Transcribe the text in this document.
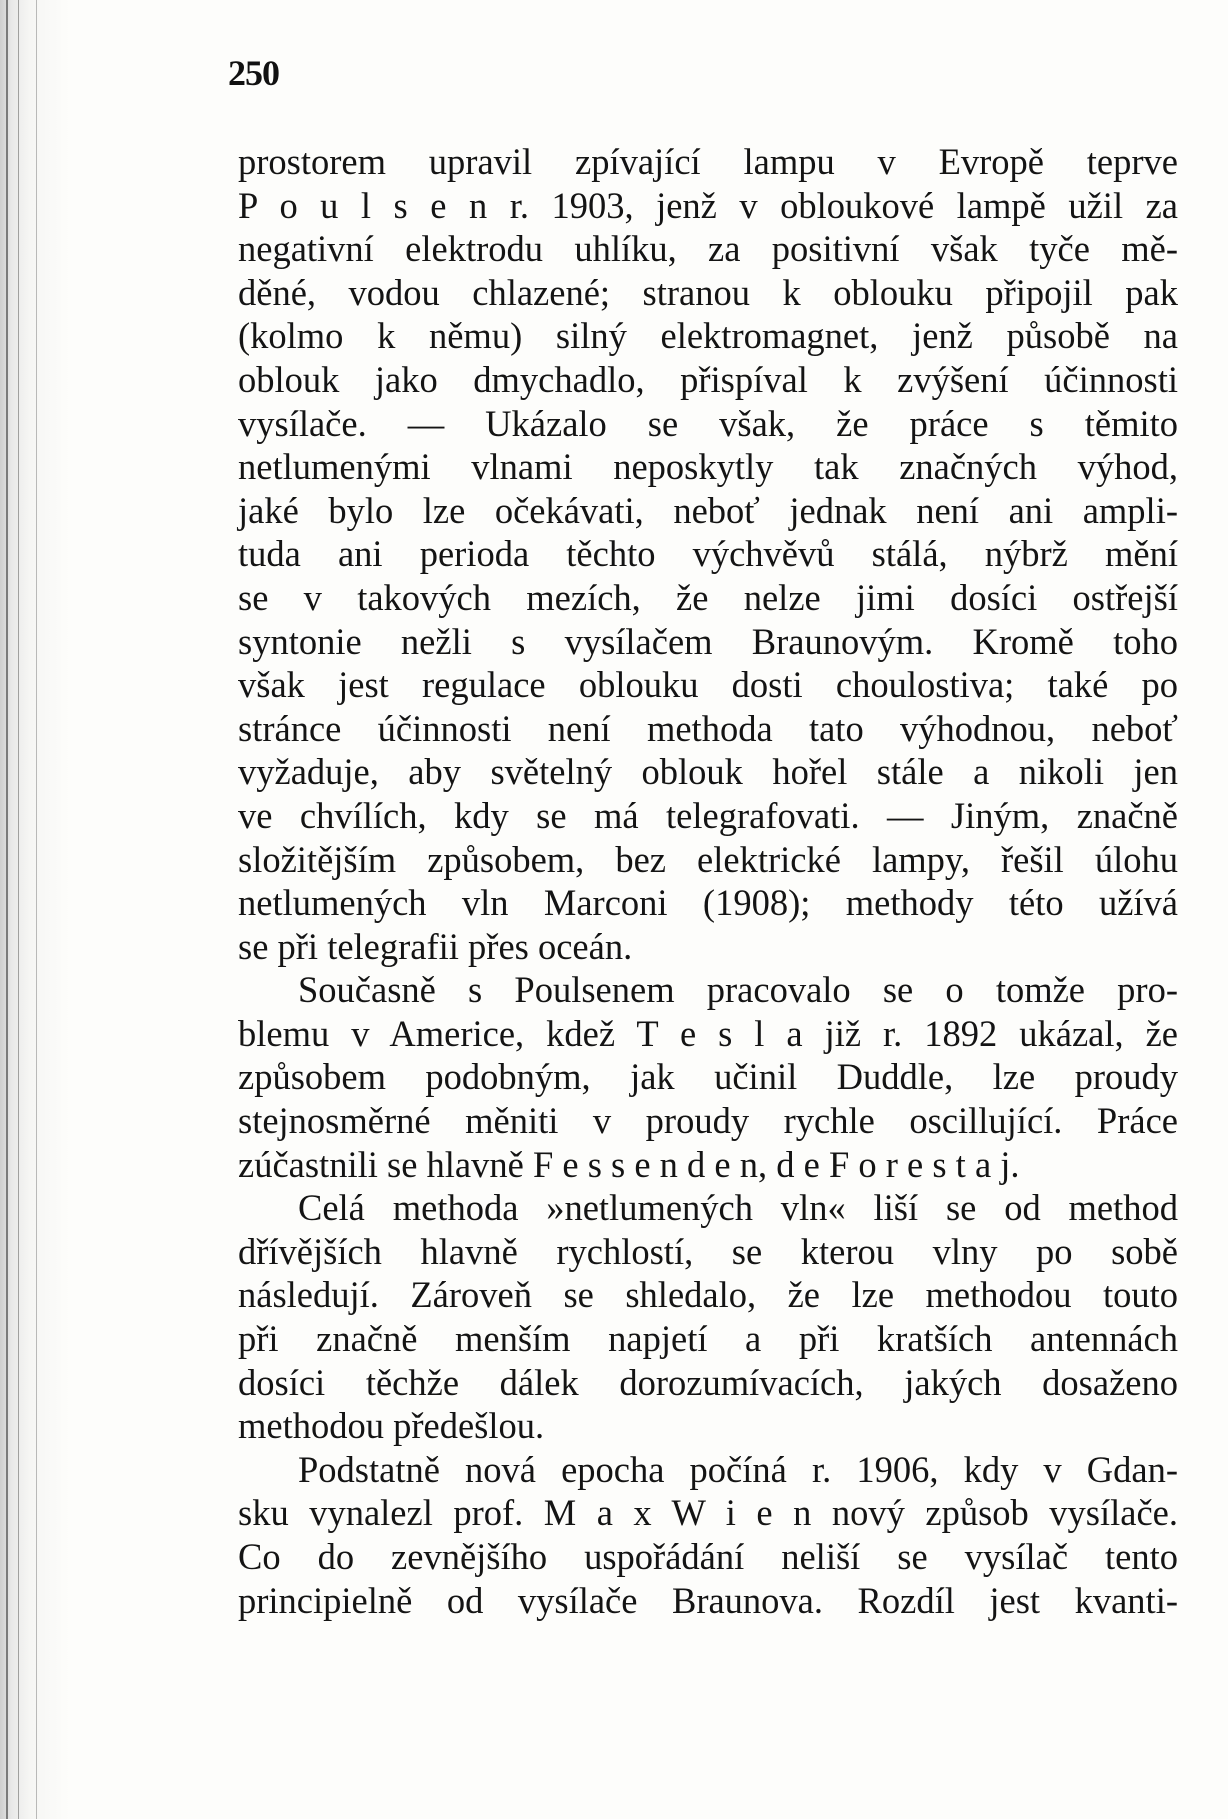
250
prostorem upravil zpívající lampu v Evropě teprve
P o u l s e n r. 1903, jenž v obloukové lampě užil za
negativní elektrodu uhlíku, za positivní však tyče mě-
děné, vodou chlazené; stranou k oblouku připojil pak
(kolmo k němu) silný elektromagnet, jenž působě na
oblouk jako dmychadlo, přispíval k zvýšení účinnosti
vysílače. — Ukázalo se však, že práce s těmito
netlumenými vlnami neposkytly tak značných výhod,
jaké bylo lze očekávati, neboť jednak není ani ampli-
tuda ani perioda těchto výchvěvů stálá, nýbrž mění
se v takových mezích, že nelze jimi dosíci ostřejší
syntonie nežli s vysílačem Braunovým. Kromě toho
však jest regulace oblouku dosti choulostiva; také po
stránce účinnosti není methoda tato výhodnou, neboť
vyžaduje, aby světelný oblouk hořel stále a nikoli jen
ve chvílích, kdy se má telegrafovati. — Jiným, značně
složitějším způsobem, bez elektrické lampy, řešil úlohu
netlumených vln Marconi (1908); methody této užívá
se při telegrafii přes oceán.
Současně s Poulsenem pracovalo se o tomže pro-
blemu v Americe, kdež T e s l a již r. 1892 ukázal, že
způsobem podobným, jak učinil Duddle, lze proudy
stejnosměrné měniti v proudy rychle oscillující. Práce
zúčastnili se hlavně F e s s e n d e n, d e F o r e s t a j.
Celá methoda »netlumených vln« liší se od method
dřívějších hlavně rychlostí, se kterou vlny po sobě
následují. Zároveň se shledalo, že lze methodou touto
při značně menším napjetí a při kratších antennách
dosíci těchže dálek dorozumívacích, jakých dosaženo
methodou předešlou.
Podstatně nová epocha počíná r. 1906, kdy v Gdan-
sku vynalezl prof. M a x W i e n nový způsob vysílače.
Co do zevnějšího uspořádání neliší se vysílač tento
principielně od vysílače Braunova. Rozdíl jest kvanti-
